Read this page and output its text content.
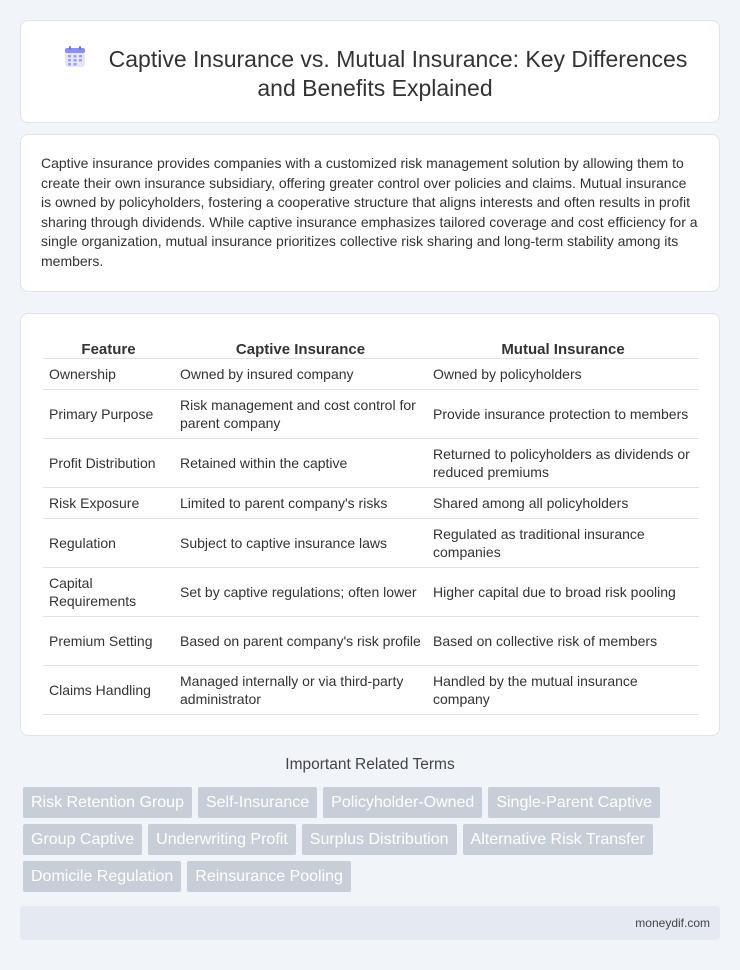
Captive Insurance vs. Mutual Insurance: Key Differences
and Benefits Explained

Captive insurance provides companies with a customized risk management solution by allowing them to create their own insurance subsidiary, offering greater control over policies and claims. Mutual insurance is owned by policyholders, fostering a cooperative structure that aligns interests and often results in profit sharing through dividends. While captive insurance emphasizes tailored coverage and cost efficiency for a single organization, mutual insurance prioritizes collective risk sharing and long-term stability among its members.

Feature	Captive Insurance	Mutual Insurance
Ownership	Owned by insured company	Owned by policyholders
Primary Purpose	Risk management and cost control for parent company	Provide insurance protection to members
Profit Distribution	Retained within the captive	Returned to policyholders as dividends or reduced premiums
Risk Exposure	Limited to parent company's risks	Shared among all policyholders
Regulation	Subject to captive insurance laws	Regulated as traditional insurance companies
Capital Requirements	Set by captive regulations; often lower	Higher capital due to broad risk pooling
Premium Setting	Based on parent company's risk profile	Based on collective risk of members
Claims Handling	Managed internally or via third-party administrator	Handled by the mutual insurance company
Important Related Terms
Risk Retention Group	Self-Insurance	Policyholder-Owned	Single-Parent Captive
Group Captive	Underwriting Profit	Surplus Distribution	Alternative Risk Transfer
Domicile Regulation	Reinsurance Pooling
moneydif.com
